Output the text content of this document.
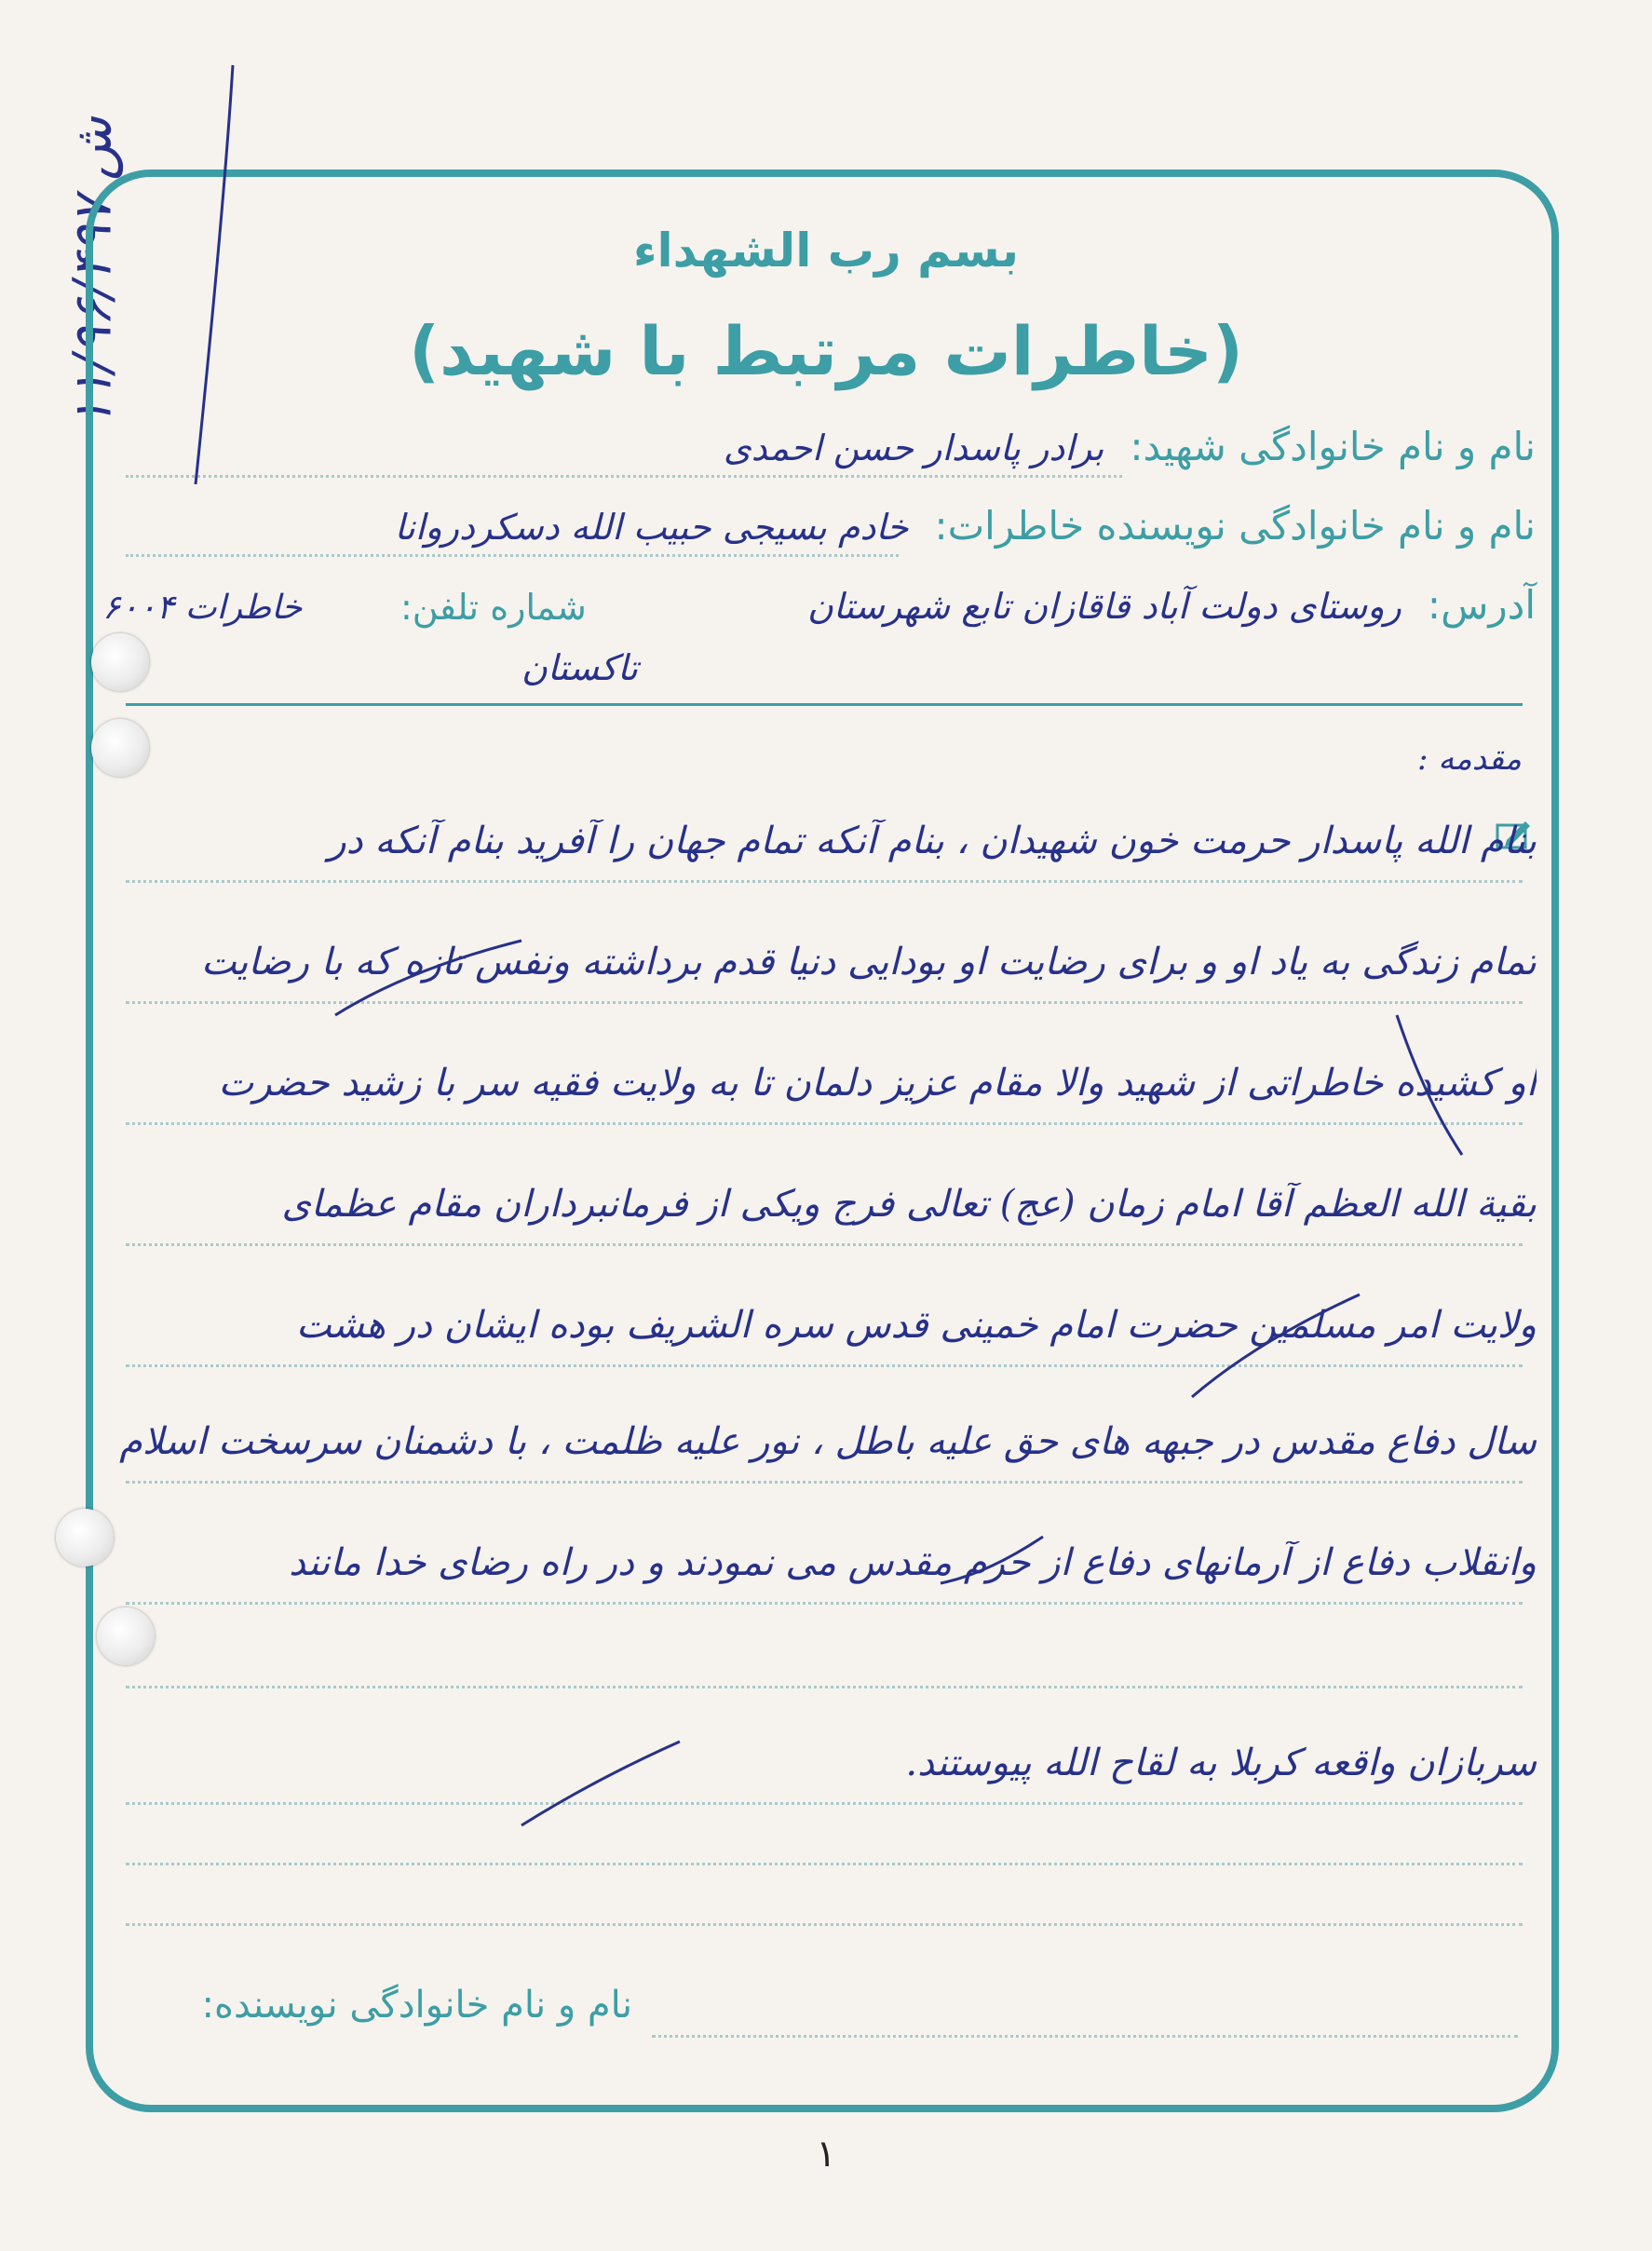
۱۱/۹۶/۴۹۷ ش
بسم رب الشهداء
(خاطرات مرتبط با شهید)
نام و نام خانوادگی شهید:
برادر پاسدار حسن احمدی
نام و نام خانوادگی نویسنده خاطرات:
خادم بسیجی حبیب الله دسکردروانا
آدرس:
روستای دولت آباد قاقازان تابع شهرستان
تاکستان
شماره تلفن:
خاطرات ۶۰۰۴
مقدمه :
بنام الله پاسدار حرمت خون شهیدان ، بنام آنکه تمام جهان را آفرید بنام آنکه در
تمام زندگی به یاد او و برای رضایت او بودایی دنیا قدم برداشته ونفس تازه که با رضایت
او کشیده خاطراتی از شهید والا مقام عزیز دلمان تا به ولایت فقیه سر با زشید حضرت
بقیة الله العظم آقا امام زمان (عج) تعالی فرج ویکی از فرمانبرداران مقام عظمای
ولایت امر مسلمین حضرت امام خمینی قدس سره الشریف بوده ایشان در هشت
سال دفاع مقدس در جبهه های حق علیه باطل ، نور علیه ظلمت ، با دشمنان سرسخت اسلام
وانقلاب دفاع از آرمانهای دفاع از حرم مقدس می نمودند و در راه رضای خدا مانند
سربازان واقعه کربلا به لقاح الله پیوستند.
نام و نام خانوادگی نویسنده:
۱
